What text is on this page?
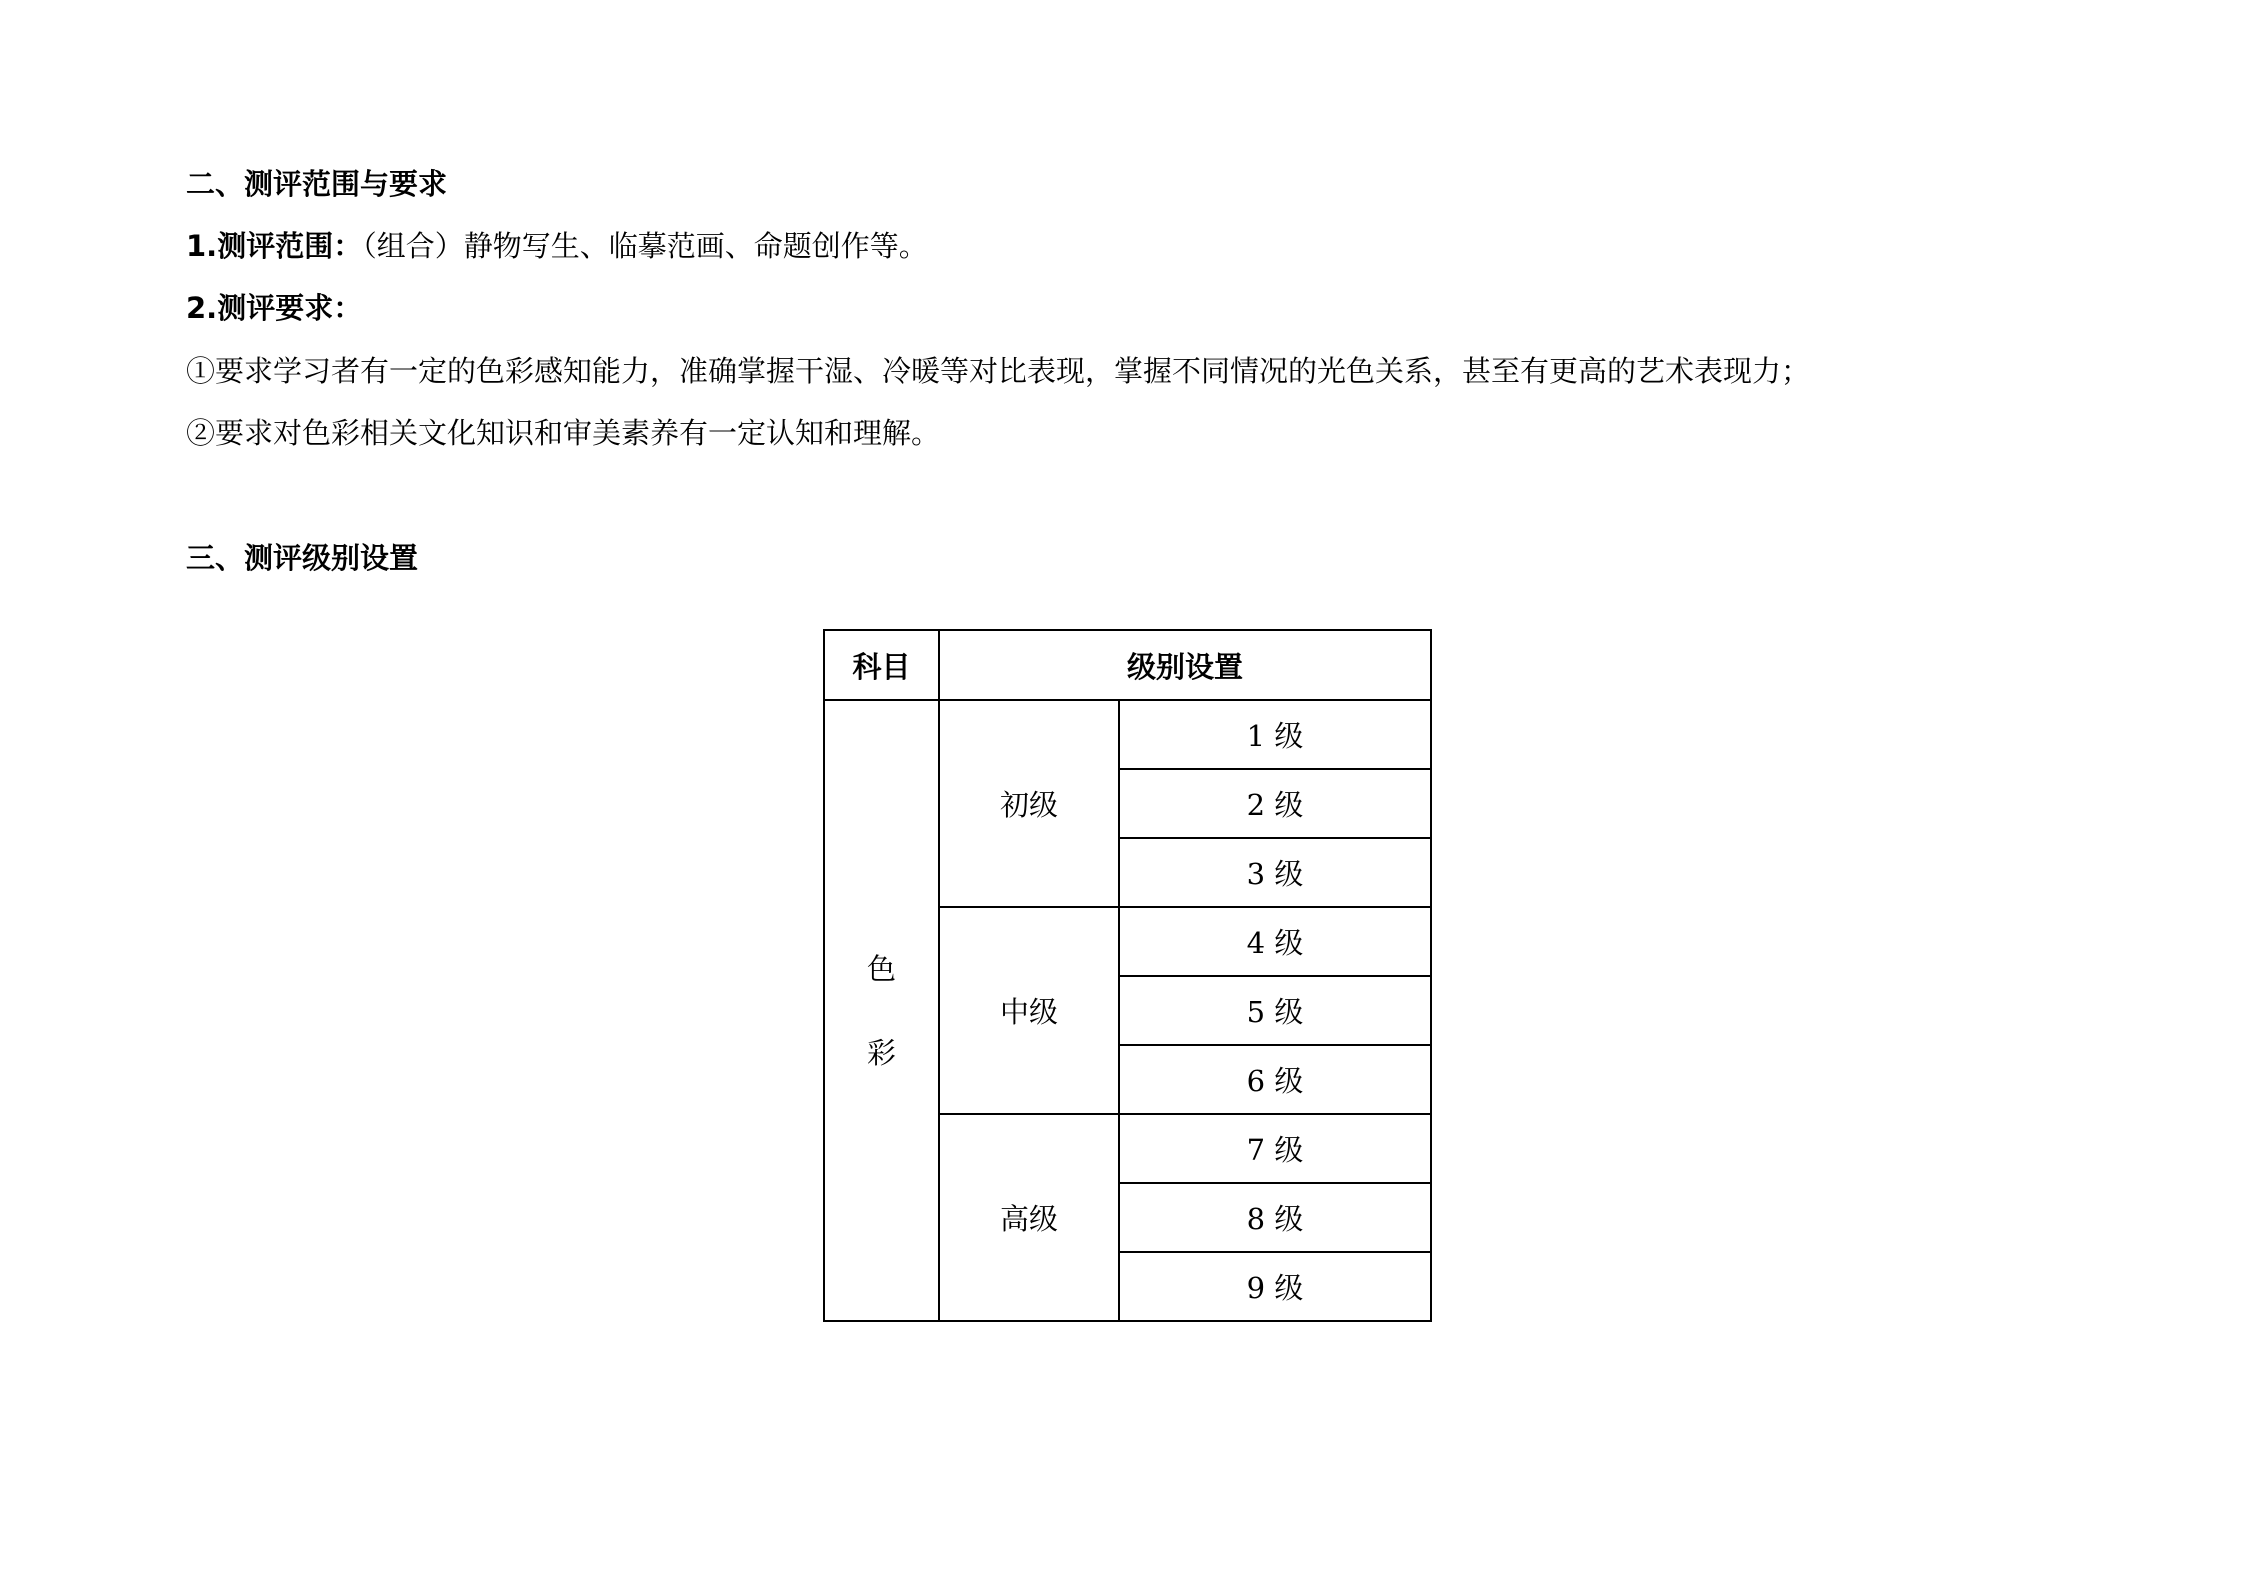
二、测评范围与要求
1.测评范围：（组合）静物写生、临摹范画、命题创作等。
2.测评要求：
①要求学习者有一定的色彩感知能力，准确掌握干湿、冷暖等对比表现，掌握不同情况的光色关系，甚至有更高的艺术表现力；
②要求对色彩相关文化知识和审美素养有一定认知和理解。
三、测评级别设置
科目	级别设置	

色
彩	初级	1 级
		2 级
		3 级
	中级	4 级
		5 级
		6 级
	高级	7 级
		8 级
		9 级
